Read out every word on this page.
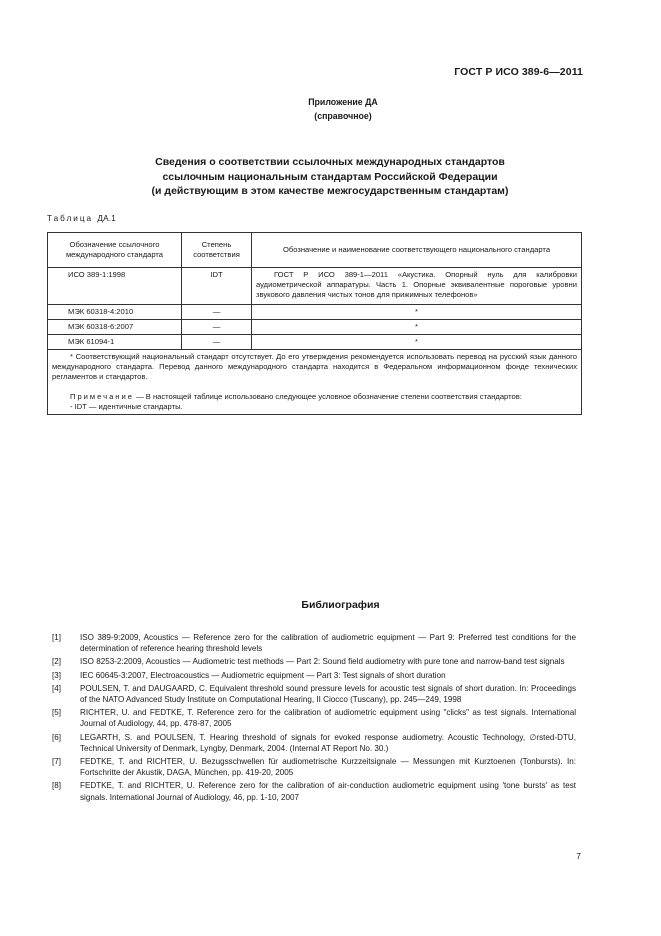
ГОСТ Р ИСО 389-6—2011
Приложение ДА
(справочное)
Сведения о соответствии ссылочных международных стандартов
ссылочным национальным стандартам Российской Федерации
(и действующим в этом качестве межгосударственным стандартам)
Таблица ДА.1
Обозначение ссылочного международного стандарта	Степень соответствия	Обозначение и наименование соответствующего национального стандарта
ИСО 389-1:1998	IDT	ГОСТ Р ИСО 389-1—2011 «Акустика. Опорный нуль для калибровки аудиометрической аппаратуры. Часть 1. Опорные эквивалентные пороговые уровни звукового давления чистых тонов для прижимных телефонов»
МЭК 60318-4:2010	—	*
МЭК 60318-6:2007	—	*
МЭК 61094-1	—	*

* Соответствующий национальный стандарт отсутствует. До его утверждения рекомендуется использовать перевод на русский язык данного международного стандарта. Перевод данного международного стандарта находится в Федеральном информационном фонде технических регламентов и стандартов.
Примечание — В настоящей таблице использовано следующее условное обозначение степени соответствия стандартов:
- IDT — идентичные стандарты.		
Библиография
[1]	ISO 389-9:2009, Acoustics — Reference zero for the calibration of audiometric equipment — Part 9: Preferred test conditions for the determination of reference hearing threshold levels
[2]	ISO 8253-2:2009, Acoustics — Audiometric test methods — Part 2: Sound field audiometry with pure tone and narrow-band test signals
[3]	IEC 60645-3:2007, Electroacoustics — Audiometric equipment — Part 3: Test signals of short duration
[4]	POULSEN, T. and DAUGAARD, C. Equivalent threshold sound pressure levels for acoustic test signals of short duration. In: Proceedings of the NATO Advanced Study Institute on Computational Hearing, II Ciocco (Tuscany), pp. 245—249, 1998
[5]	RICHTER, U. and FEDTKE, T. Reference zero for the calibration of audiometric equipment using "clicks" as test signals. International Journal of Audiology, 44, pp. 478-87, 2005
[6]	LEGARTH, S. and POULSEN, T. Hearing threshold of signals for evoked response audiometry. Acoustic Technology, ∅rsted-DTU, Technical University of Denmark, Lyngby, Denmark, 2004. (Internal AT Report No. 30.)
[7]	FEDTKE, T. and RICHTER, U. Bezugsschwellen für audiometrische Kurzzeitsignale — Messungen mit Kurztoenen (Tonbursts). In: Fortschritte der Akustik, DAGA, München, pp. 419-20, 2005
[8]	FEDTKE, T. and RICHTER, U. Reference zero for the calibration of air-conduction audiometric equipment using 'tone bursts' as test signals. International Journal of Audiology, 46, pp. 1-10, 2007
7
